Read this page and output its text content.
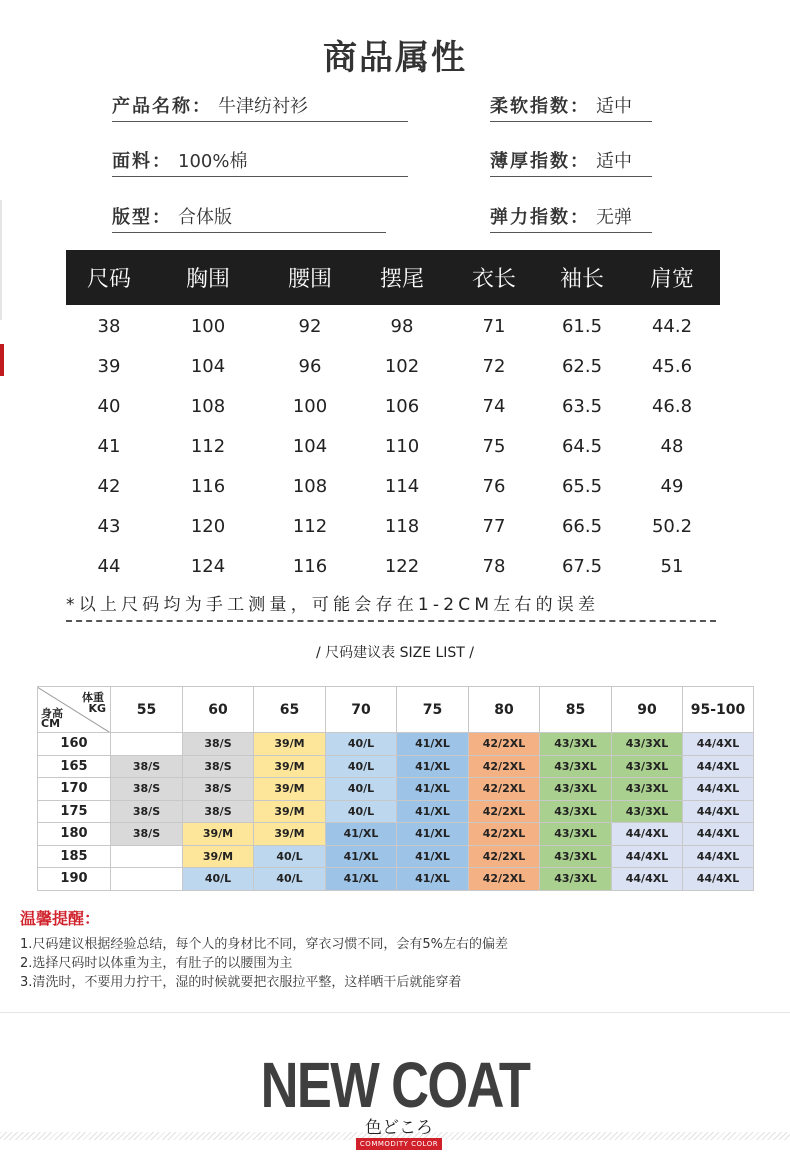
商品属性
产品名称： 牛津纺衬衫	柔软指数： 适中
面料： 100%棉	薄厚指数： 适中
版型： 合体版	弹力指数： 无弹
尺码	胸围	腰围	摆尾	衣长	袖长	肩宽
38	100	92	98	71	61.5	44.2
39	104	96	102	72	62.5	45.6
40	108	100	106	74	63.5	46.8
41	112	104	110	75	64.5	48
42	116	108	114	76	65.5	49
43	120	112	118	77	66.5	50.2
44	124	116	122	78	67.5	51
*以上尺码均为手工测量，可能会存在1-2CM左右的误差
/ 尺码建议表 SIZE LIST /
体重
KG
身高
CM	55	60	65	70	75	80	85	90	95-100
160		38/S	39/M	40/L	41/XL	42/2XL	43/3XL	43/3XL	44/4XL
165	38/S	38/S	39/M	40/L	41/XL	42/2XL	43/3XL	43/3XL	44/4XL
170	38/S	38/S	39/M	40/L	41/XL	42/2XL	43/3XL	43/3XL	44/4XL
175	38/S	38/S	39/M	40/L	41/XL	42/2XL	43/3XL	43/3XL	44/4XL
180	38/S	39/M	39/M	41/XL	41/XL	42/2XL	43/3XL	44/4XL	44/4XL
185		39/M	40/L	41/XL	41/XL	42/2XL	43/3XL	44/4XL	44/4XL
190		40/L	40/L	41/XL	41/XL	42/2XL	43/3XL	44/4XL	44/4XL
温馨提醒：
1.尺码建议根据经验总结，每个人的身材比不同，穿衣习惯不同，会有5%左右的偏差
2.选择尺码时以体重为主，有肚子的以腰围为主
3.清洗时，不要用力拧干，湿的时候就要把衣服拉平整，这样晒干后就能穿着
NEW COAT
色どころ
COMMODITY COLOR
